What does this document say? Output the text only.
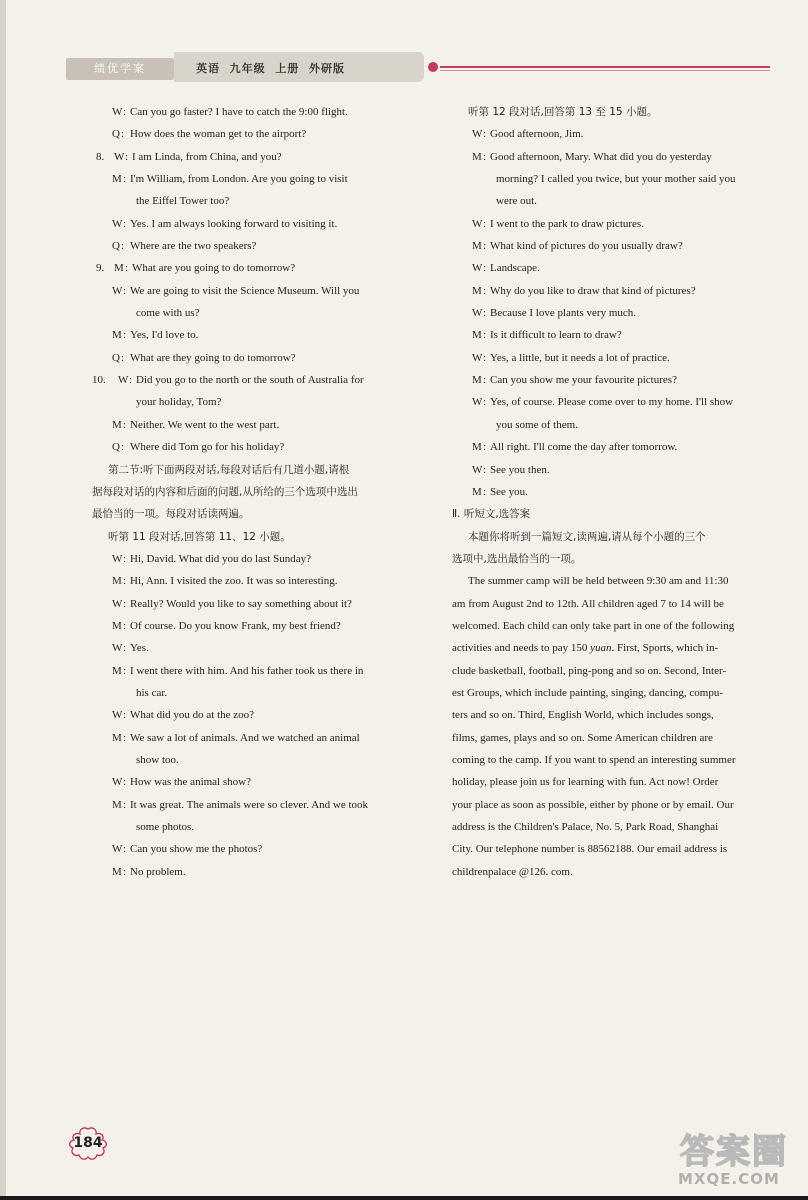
绩优学案	英语  九年级  上册  外研版
W : Can you go faster? I have to catch the 9:00 flight.
Q : How does the woman get to the airport?
8. W : I am Linda, from China, and you?
M : I'm William, from London. Are you going to visit
the Eiffel Tower too?
W : Yes. I am always looking forward to visiting it.
Q : Where are the two speakers?
9. M : What are you going to do tomorrow?
W : We are going to visit the Science Museum. Will you
come with us?
M : Yes, I'd love to.
Q : What are they going to do tomorrow?
10. W : Did you go to the north or the south of Australia for
your holiday, Tom?
M : Neither. We went to the west part.
Q : Where did Tom go for his holiday?
第二节:听下面两段对话,每段对话后有几道小题,请根
据每段对话的内容和后面的问题,从所给的三个选项中选出
最恰当的一项。每段对话读两遍。
听第 11 段对话,回答第 11、12 小题。
W : Hi, David. What did you do last Sunday?
M : Hi, Ann. I visited the zoo. It was so interesting.
W : Really? Would you like to say something about it?
M : Of course. Do you know Frank, my best friend?
W : Yes.
M : I went there with him. And his father took us there in
his car.
W : What did you do at the zoo?
M : We saw a lot of animals. And we watched an animal
show too.
W : How was the animal show?
M : It was great. The animals were so clever. And we took
some photos.
W : Can you show me the photos?
M : No problem.
听第 12 段对话,回答第 13 至 15 小题。
W : Good afternoon, Jim.
M : Good afternoon, Mary. What did you do yesterday
morning? I called you twice, but your mother said you
were out.
W : I went to the park to draw pictures.
M : What kind of pictures do you usually draw?
W : Landscape.
M : Why do you like to draw that kind of pictures?
W : Because I love plants very much.
M : Is it difficult to learn to draw?
W : Yes, a little, but it needs a lot of practice.
M : Can you show me your favourite pictures?
W : Yes, of course. Please come over to my home. I'll show
you some of them.
M : All right. I'll come the day after tomorrow.
W : See you then.
M : See you.
Ⅱ. 听短文,选答案
本题你将听到一篇短文,读两遍,请从每个小题的三个
选项中,选出最恰当的一项。
The summer camp will be held between 9:30 am and 11:30
am from August 2nd to 12th. All children aged 7 to 14 will be
welcomed. Each child can only take part in one of the following
activities and needs to pay 150 yuan. First, Sports, which in-
clude basketball, football, ping-pong and so on. Second, Inter-
est Groups, which include painting, singing, dancing, compu-
ters and so on. Third, English World, which includes songs,
films, games, plays and so on. Some American children are
coming to the camp. If you want to spend an interesting summer
holiday, please join us for learning with fun. Act now! Order
your place as soon as possible, either by phone or by email. Our
address is the Children's Palace, No. 5, Park Road, Shanghai
City. Our telephone number is 88562188. Our email address is
childrenpalace @126. com.
184	答案圈
MXQE.COM
